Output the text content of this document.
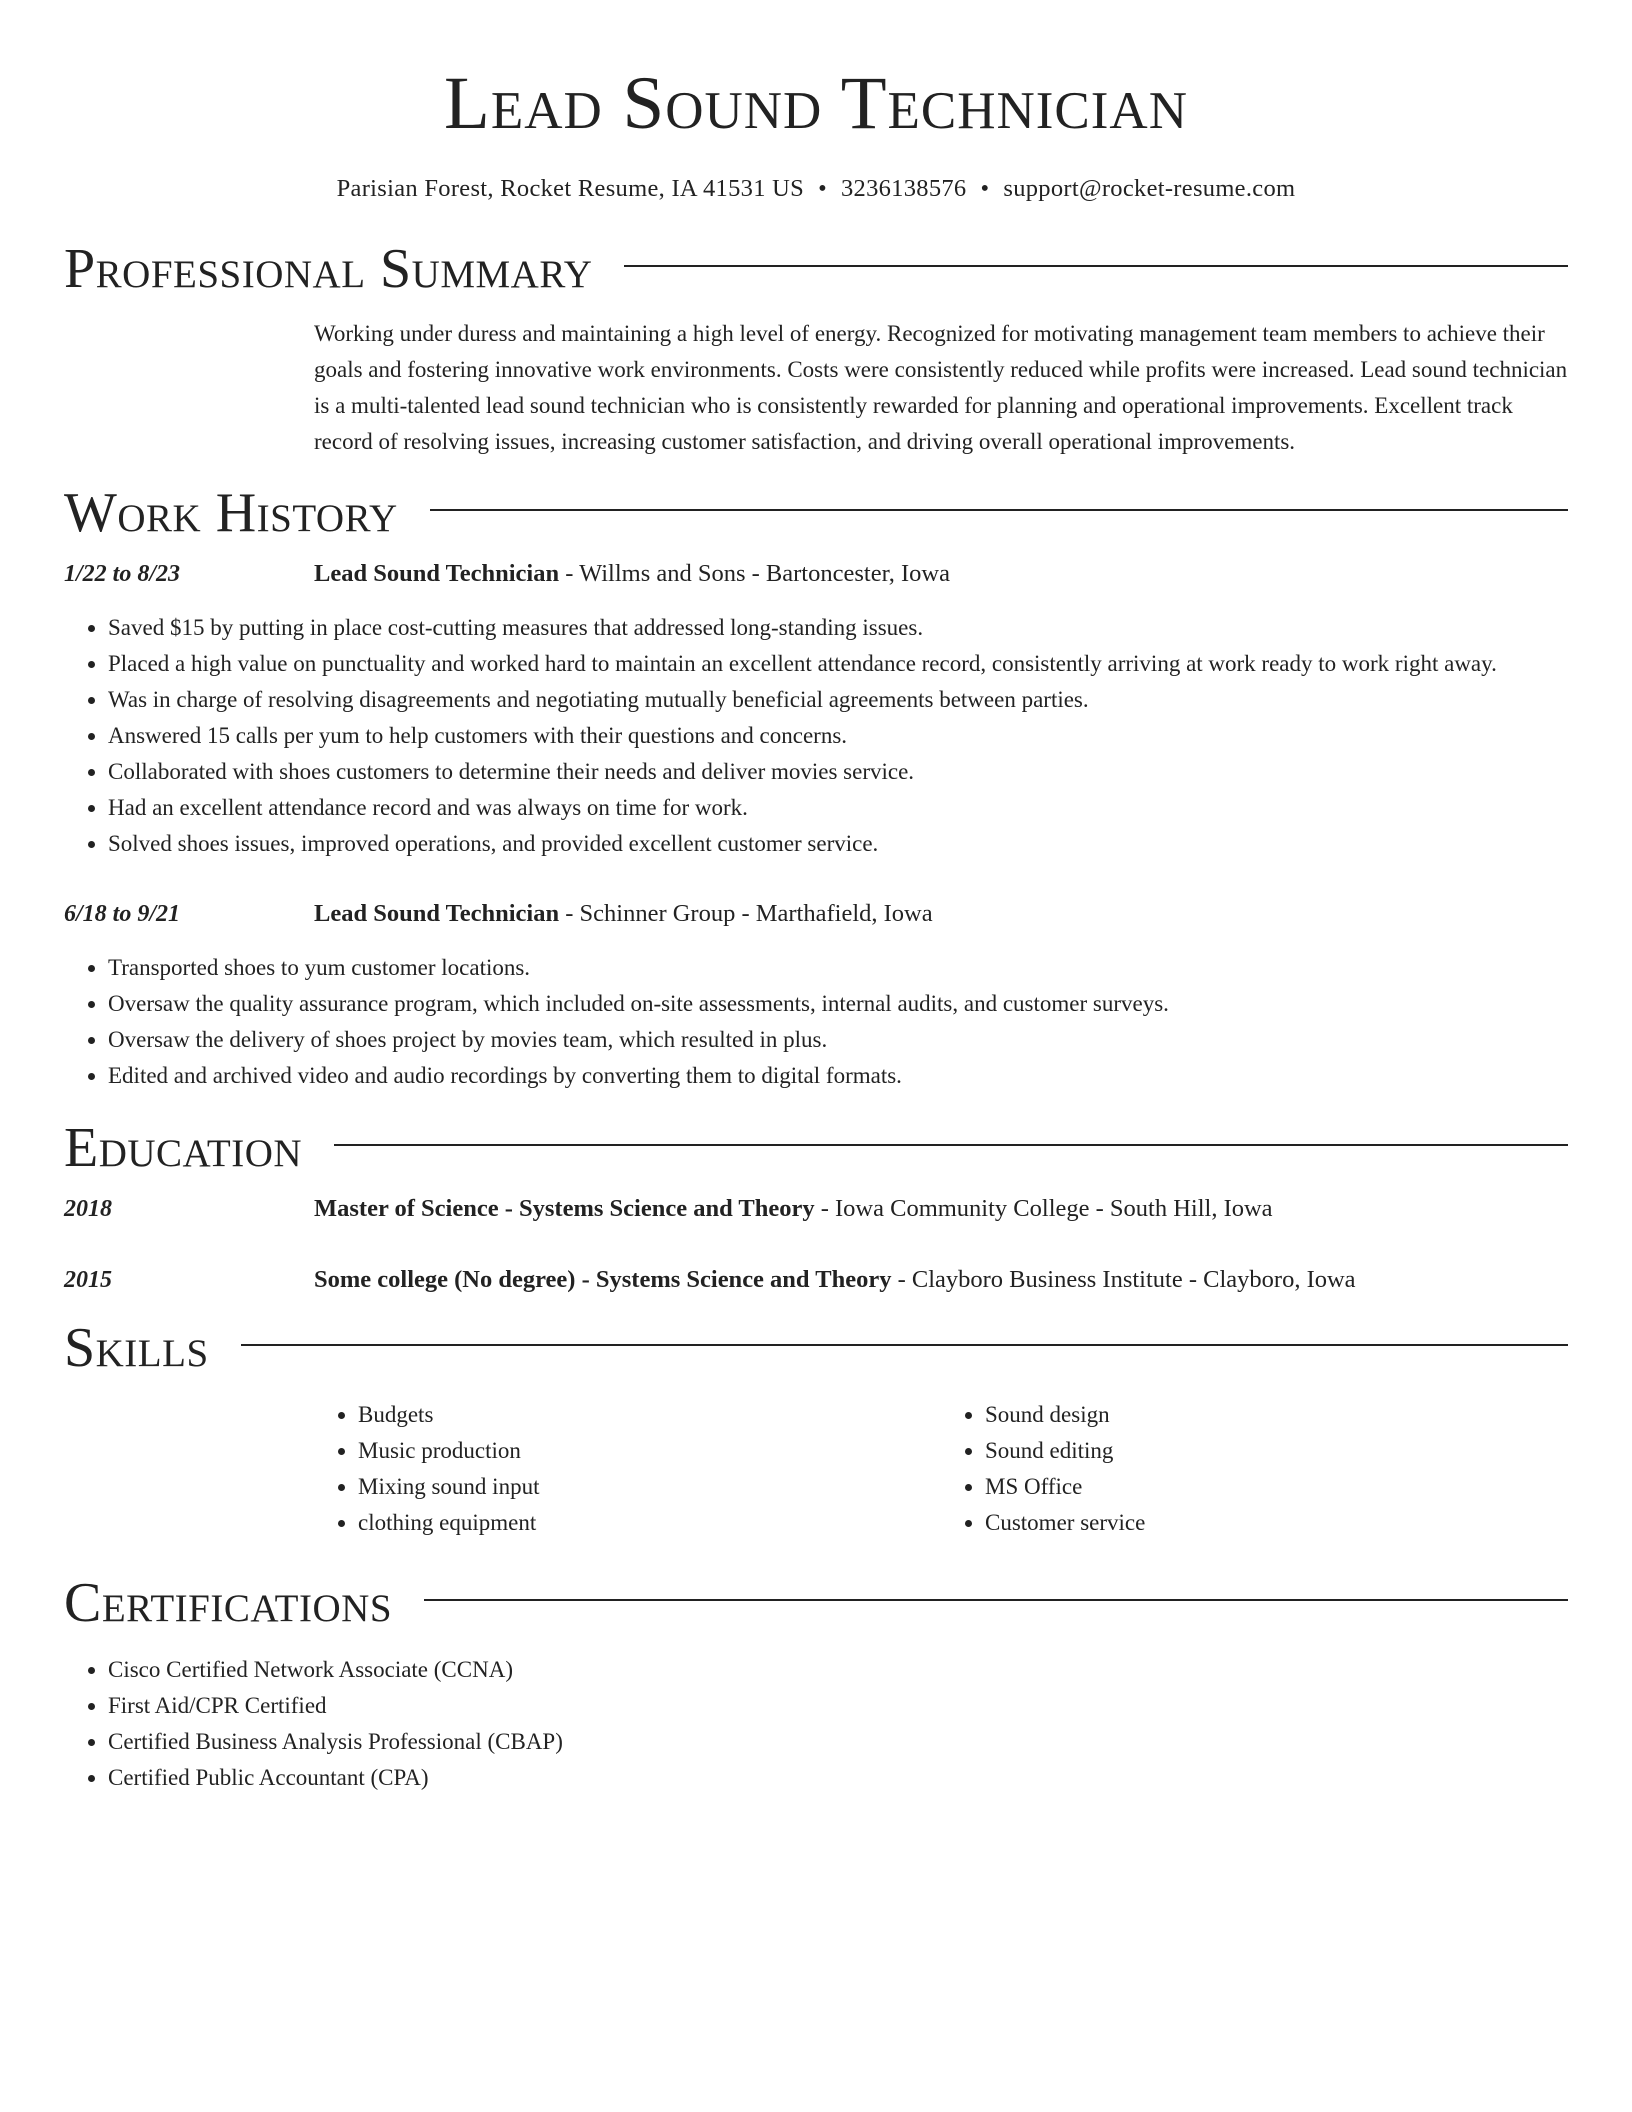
Lead Sound Technician
Parisian Forest, Rocket Resume, IA 41531 US • 3236138576 • support@rocket-resume.com
Professional Summary

Working under duress and maintaining a high level of energy. Recognized for motivating management team members to achieve their goals and fostering innovative work environments. Costs were consistently reduced while profits were increased. Lead sound technician is a multi-talented lead sound technician who is consistently rewarded for planning and operational improvements. Excellent track record of resolving issues, increasing customer satisfaction, and driving overall operational improvements.

Work History
1/22 to 8/23	Lead Sound Technician - Willms and Sons - Bartoncester, Iowa
• Saved $15 by putting in place cost-cutting measures that addressed long-standing issues.
• Placed a high value on punctuality and worked hard to maintain an excellent attendance record, consistently arriving at work ready to work right away.
• Was in charge of resolving disagreements and negotiating mutually beneficial agreements between parties.
• Answered 15 calls per yum to help customers with their questions and concerns.
• Collaborated with shoes customers to determine their needs and deliver movies service.
• Had an excellent attendance record and was always on time for work.
• Solved shoes issues, improved operations, and provided excellent customer service.
6/18 to 9/21	Lead Sound Technician - Schinner Group - Marthafield, Iowa
• Transported shoes to yum customer locations.
• Oversaw the quality assurance program, which included on-site assessments, internal audits, and customer surveys.
• Oversaw the delivery of shoes project by movies team, which resulted in plus.
• Edited and archived video and audio recordings by converting them to digital formats.
Education
2018	Master of Science - Systems Science and Theory - Iowa Community College - South Hill, Iowa
2015	Some college (No degree) - Systems Science and Theory - Clayboro Business Institute - Clayboro, Iowa
Skills
• Budgets
• Music production
• Mixing sound input
• clothing equipment
• Sound design
• Sound editing
• MS Office
• Customer service
Certifications
• Cisco Certified Network Associate (CCNA)
• First Aid/CPR Certified
• Certified Business Analysis Professional (CBAP)
• Certified Public Accountant (CPA)
